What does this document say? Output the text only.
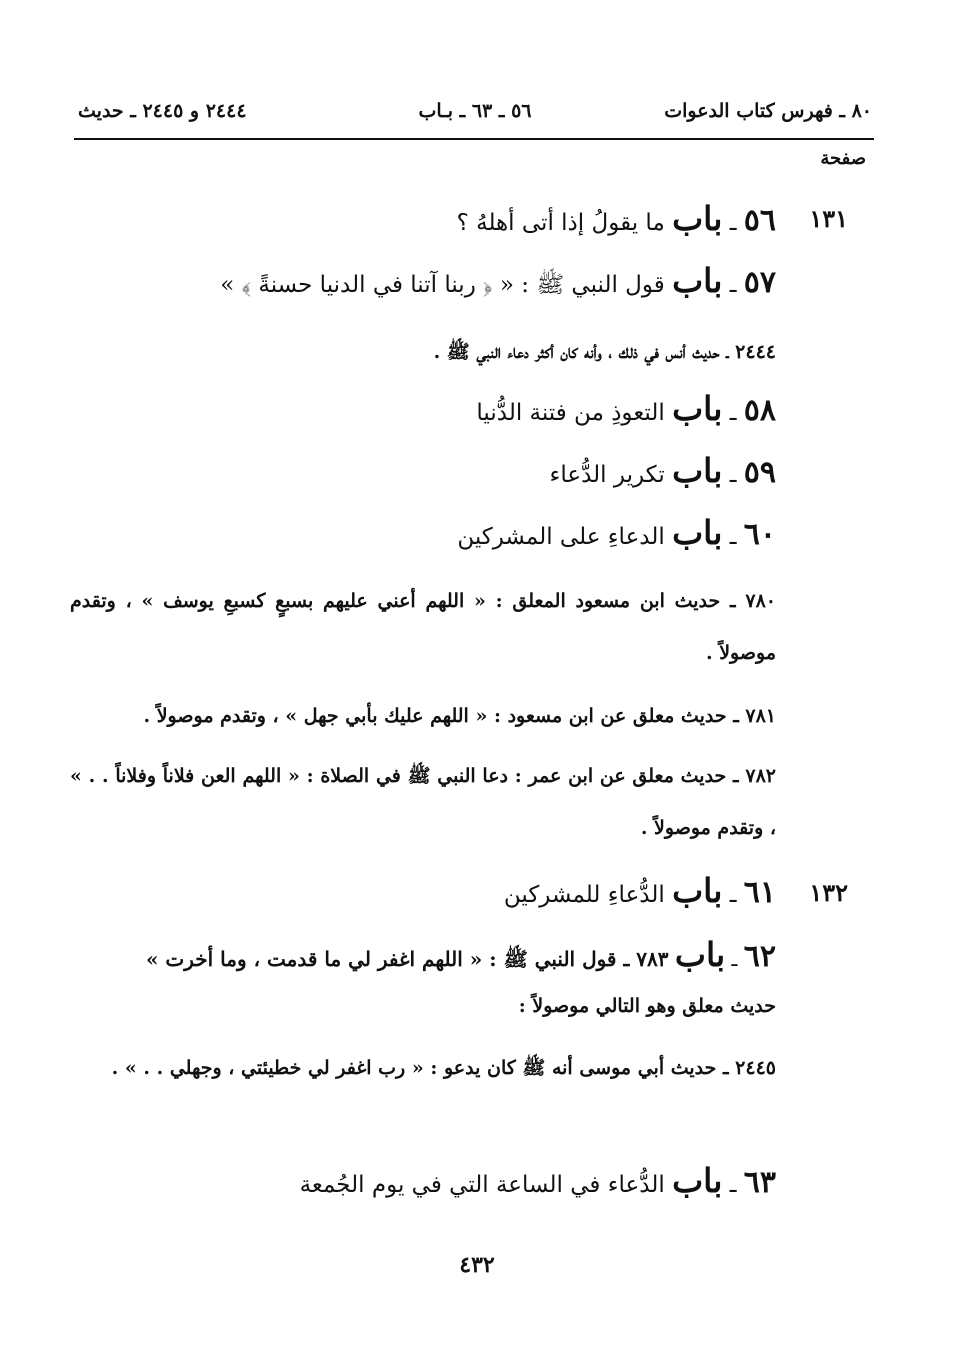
٨٠ ـ فهرس كتاب الدعوات
٥٦ ـ ٦٣ ـ بـاب
٢٤٤٤ و ٢٤٤٥ ـ حديث
صفحة
١٣١
٥٦ ـ باب ما يقولُ إذا أتى أهلهُ ؟
٥٧ ـ باب قول النبي ﷺ : « ﴿ ربنا آتنا في الدنيا حسنةً ﴾ »
٢٤٤٤ ـ حديث أنس في ذلك ، وأنه كان أكثر دعاء النبي ﷺ .
٥٨ ـ باب التعوذِ من فتنة الدُّنيا
٥٩ ـ باب تكرير الدُّعاء
٦٠ ـ باب الدعاءِ على المشركين
٧٨٠ ـ حديث ابن مسعود المعلق : « اللهم أعني عليهم بسبعٍ كسبعِ يوسف » ، وتقدم موصولاً .
٧٨١ ـ حديث معلق عن ابن مسعود : « اللهم عليك بأبي جهل » ، وتقدم موصولاً .
٧٨٢ ـ حديث معلق عن ابن عمر : دعا النبي ﷺ في الصلاة : « اللهم العن فلاناً وفلاناً . . » ، وتقدم موصولاً .
١٣٢
٦١ ـ باب الدُّعاءِ للمشركين
٦٢ ـ باب ٧٨٣ ـ قول النبي ﷺ : « اللهم اغفر لي ما قدمت ، وما أخرت »
حديث معلق وهو التالي موصولاً :
٢٤٤٥ ـ حديث أبي موسى أنه ﷺ كان يدعو : « رب اغفر لي خطيئتي ، وجهلي . . » .
٦٣ ـ باب الدُّعاء في الساعة التي في يوم الجُمعة
٤٣٢
